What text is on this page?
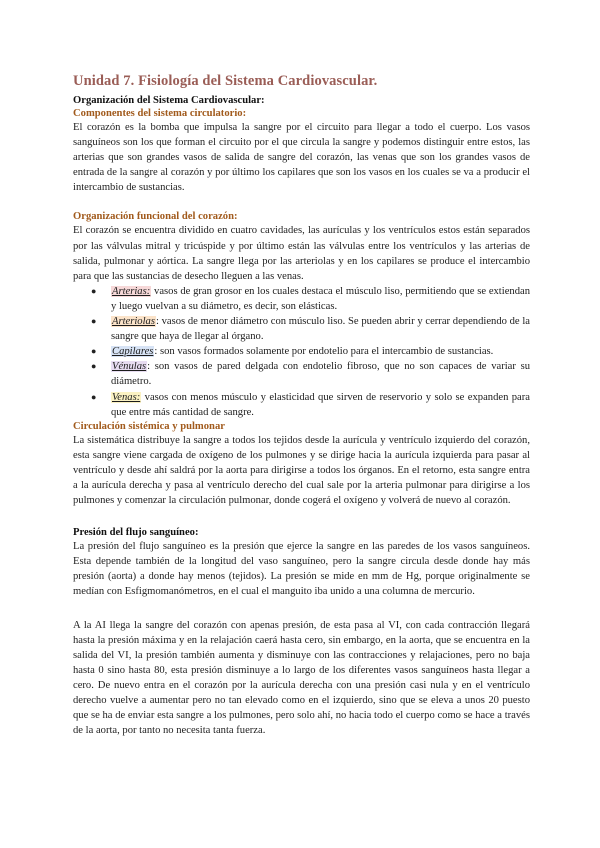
Unidad 7. Fisiología del Sistema Cardiovascular.

Organización del Sistema Cardiovascular:

Componentes del sistema circulatorio:

El corazón es la bomba que impulsa la sangre por el circuito para llegar a todo el cuerpo. Los vasos sanguíneos son los que forman el circuito por el que circula la sangre y podemos distinguir entre estos, las arterias que son grandes vasos de salida de sangre del corazón, las venas que son los grandes vasos de entrada de la sangre al corazón y por último los capilares que son los vasos en los cuales se va a producir el intercambio de sustancias.

Organización funcional del corazón:

El corazón se encuentra dividido en cuatro cavidades, las aurículas y los ventrículos estos están separados por las válvulas mitral y tricúspide y por último están las válvulas entre los ventrículos y las arterias de salida, pulmonar y aórtica. La sangre llega por las arteriolas y en los capilares se produce el intercambio para que las sustancias de desecho lleguen a las venas.

● Arterias: vasos de gran grosor en los cuales destaca el músculo liso, permitiendo que se extiendan y luego vuelvan a su diámetro, es decir, son elásticas.
● Arteriolas: vasos de menor diámetro con músculo liso. Se pueden abrir y cerrar dependiendo de la sangre que haya de llegar al órgano.
● Capilares: son vasos formados solamente por endotelio para el intercambio de sustancias.
● Vénulas: son vasos de pared delgada con endotelio fibroso, que no son capaces de variar su diámetro.
● Venas: vasos con menos músculo y elasticidad que sirven de reservorio y solo se expanden para que entre más cantidad de sangre.

Circulación sistémica y pulmonar

La sistemática distribuye la sangre a todos los tejidos desde la aurícula y ventrículo izquierdo del corazón, esta sangre viene cargada de oxígeno de los pulmones y se dirige hacia la aurícula izquierda para pasar al ventrículo y desde ahí saldrá por la aorta para dirigirse a todos los órganos. En el retorno, esta sangre entra a la aurícula derecha y pasa al ventrículo derecho del cual sale por la arteria pulmonar para dirigirse a los pulmones y comenzar la circulación pulmonar, donde cogerá el oxígeno y volverá de nuevo al corazón.

Presión del flujo sanguíneo:

La presión del flujo sanguíneo es la presión que ejerce la sangre en las paredes de los vasos sanguíneos. Esta depende también de la longitud del vaso sanguíneo, pero la sangre circula desde donde hay más presión (aorta) a donde hay menos (tejidos). La presión se mide en mm de Hg, porque originalmente se medían con Esfigmomanómetros, en el cual el manguito iba unido a una columna de mercurio.

A la AI llega la sangre del corazón con apenas presión, de esta pasa al VI, con cada contracción llegará hasta la presión máxima y en la relajación caerá hasta cero, sin embargo, en la aorta, que se encuentra en la salida del VI, la presión también aumenta y disminuye con las contracciones y relajaciones, pero no baja hasta 0 sino hasta 80, esta presión disminuye a lo largo de los diferentes vasos sanguíneos hasta llegar a cero. De nuevo entra en el corazón por la aurícula derecha con una presión casi nula y en el ventrículo derecho vuelve a aumentar pero no tan elevado como en el izquierdo, sino que se eleva a unos 20 puesto que se ha de enviar esta sangre a los pulmones, pero solo ahí, no hacia todo el cuerpo como se hace a través de la aorta, por tanto no necesita tanta fuerza.
